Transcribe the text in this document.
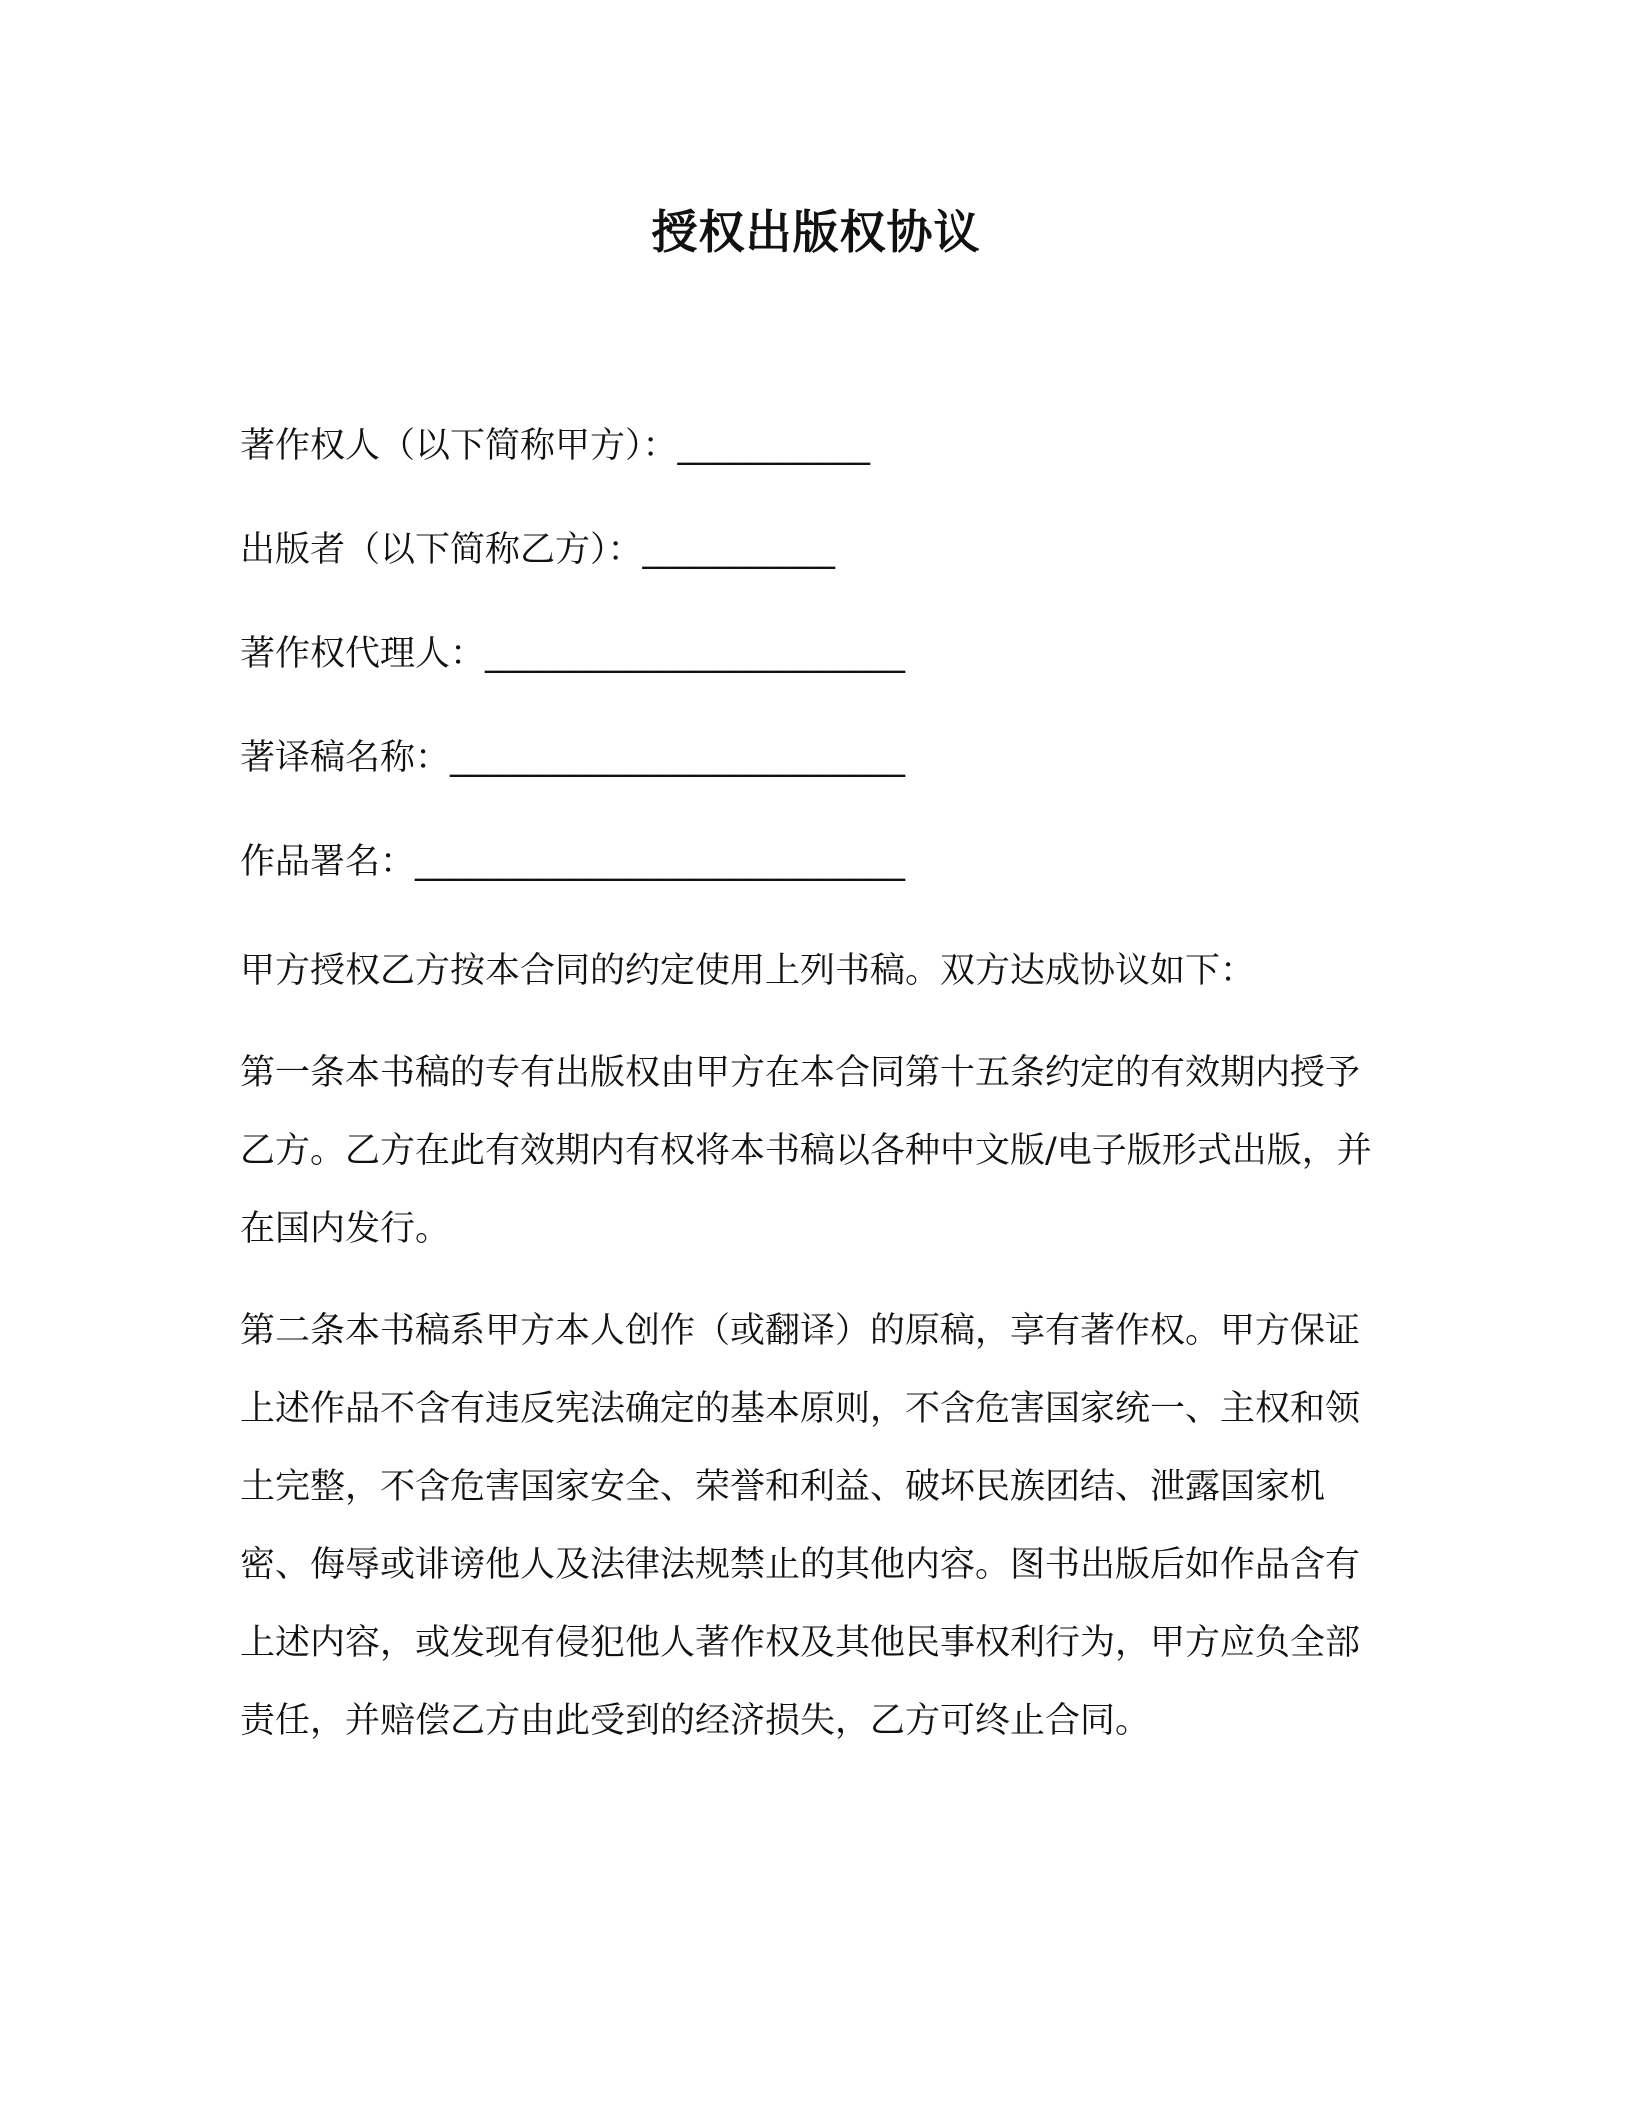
授权出版权协议
著作权人（以下简称甲方）：___________
出版者（以下简称乙方）：___________
著作权代理人：________________________
著译稿名称：__________________________
作品署名：____________________________

甲方授权乙方按本合同的约定使用上列书稿。双方达成协议如下：

第一条本书稿的专有出版权由甲方在本合同第十五条约定的有效期内授予乙方。乙方在此有效期内有权将本书稿以各种中文版/电子版形式出版，并在国内发行。

第二条本书稿系甲方本人创作（或翻译）的原稿，享有著作权。甲方保证上述作品不含有违反宪法确定的基本原则，不含危害国家统一、主权和领土完整，不含危害国家安全、荣誉和利益、破坏民族团结、泄露国家机密、侮辱或诽谤他人及法律法规禁止的其他内容。图书出版后如作品含有上述内容，或发现有侵犯他人著作权及其他民事权利行为，甲方应负全部责任，并赔偿乙方由此受到的经济损失，乙方可终止合同。
